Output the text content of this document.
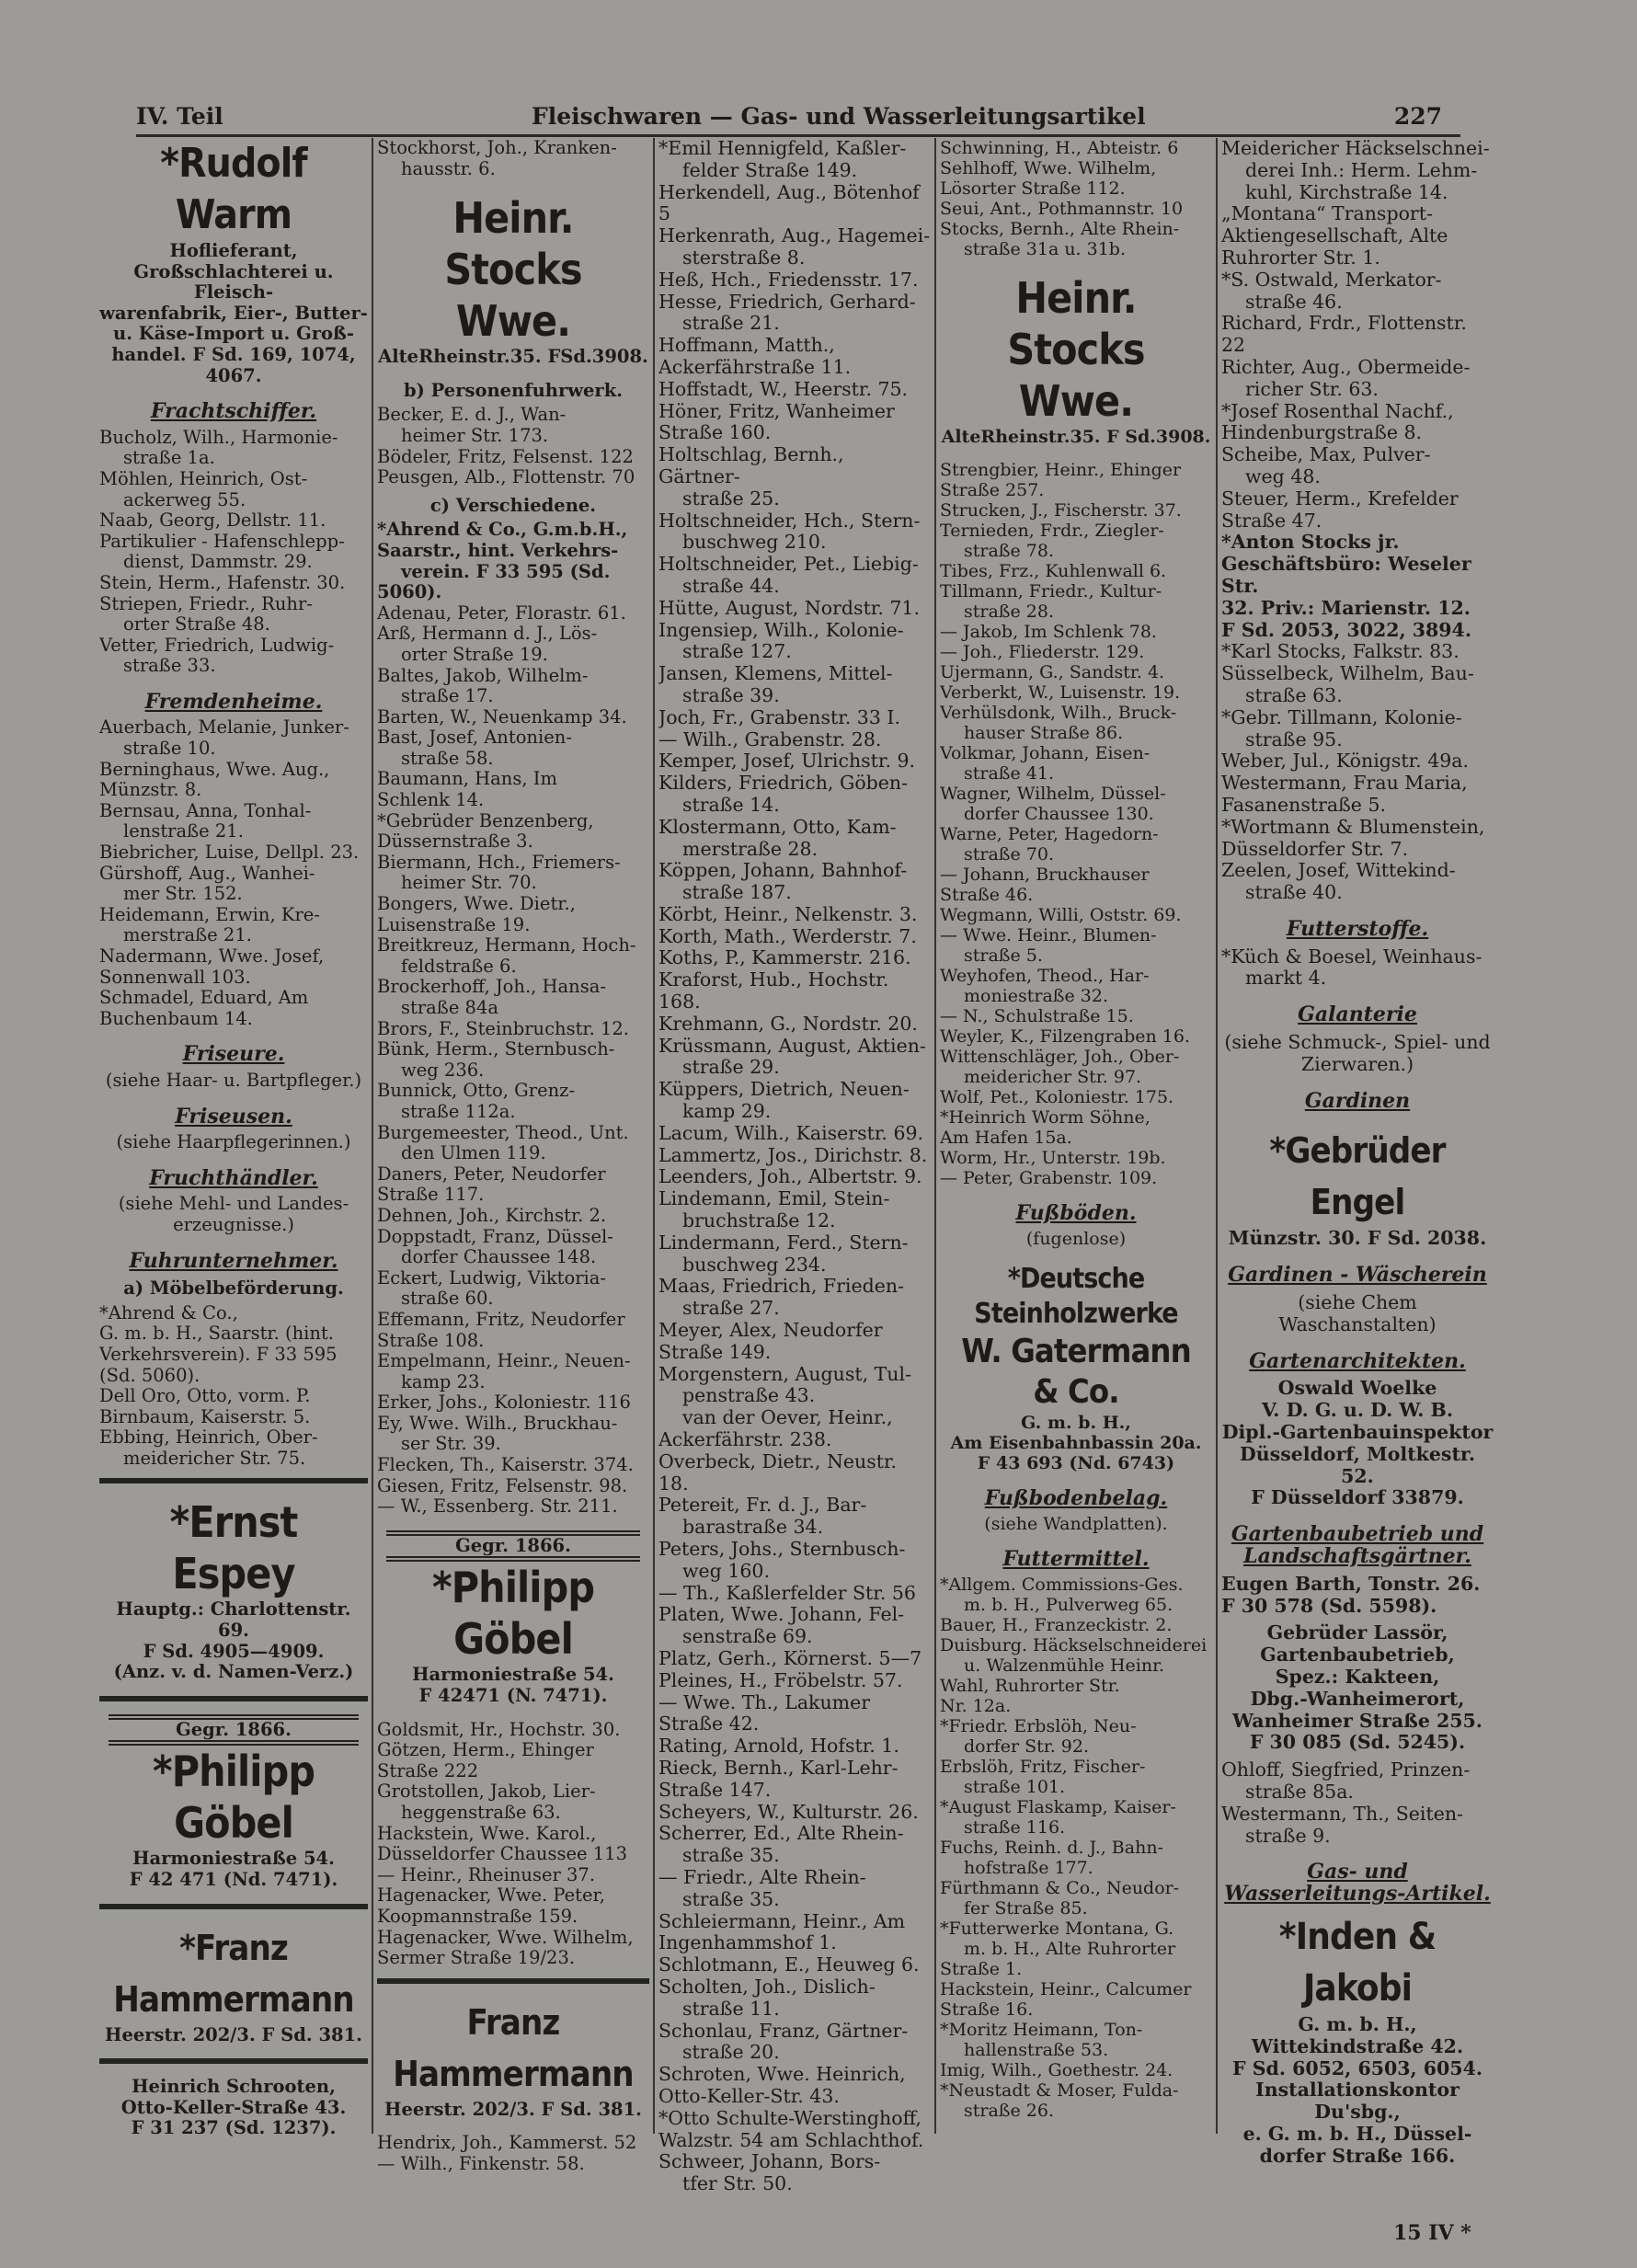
IV. Teil	Fleischwaren — Gas- und Wasserleitungsartikel	227
*Rudolf Warm
Hoflieferant,
Großschlachterei u. Fleisch-
warenfabrik, Eier-, Butter-
u. Käse-Import u. Groß-
handel. F Sd. 169, 1074,
4067.
Frachtschiffer.
Bucholz, Wilh., Harmonie-
straße 1a.
Möhlen, Heinrich, Ost-
ackerweg 55.
Naab, Georg, Dellstr. 11.
Partikulier - Hafenschlepp-
dienst, Dammstr. 29.
Stein, Herm., Hafenstr. 30.
Striepen, Friedr., Ruhr-
orter Straße 48.
Vetter, Friedrich, Ludwig-
straße 33.
Fremdenheime.
Auerbach, Melanie, Junker-
straße 10.
Berninghaus, Wwe. Aug.,
Münzstr. 8.
Bernsau, Anna, Tonhal-
lenstraße 21.
Biebricher, Luise, Dellpl. 23.
Gürshoff, Aug., Wanhei-
mer Str. 152.
Heidemann, Erwin, Kre-
merstraße 21.
Nadermann, Wwe. Josef,
Sonnenwall 103.
Schmadel, Eduard, Am
Buchenbaum 14.
Friseure.
(siehe Haar- u. Bartpfleger.)
Friseusen.
(siehe Haarpflegerinnen.)
Fruchthändler.
(siehe Mehl- und Landes-erzeugnisse.)
Fuhrunternehmer.
a) Möbelbeförderung.
*Ahrend & Co.,
G. m. b. H., Saarstr. (hint.
Verkehrsverein). F 33 595
(Sd. 5060).
Dell Oro, Otto, vorm. P.
Birnbaum, Kaiserstr. 5.
Ebbing, Heinrich, Ober-
meidericher Str. 75.
*Ernst Espey
Hauptg.: Charlottenstr. 69.
F Sd. 4905—4909.
(Anz. v. d. Namen-Verz.)
Gegr. 1866.
*Philipp Göbel
Harmoniestraße 54.
F 42 471 (Nd. 7471).
*Franz Hammermann
Heerstr. 202/3. F Sd. 381.
Heinrich Schrooten,
Otto-Keller-Straße 43.
F 31 237 (Sd. 1237).
Stockhorst, Joh., Kranken-
hausstr. 6.
Heinr. Stocks Wwe.
AlteRheinstr.35. FSd.3908.
b) Personenfuhrwerk.
Becker, E. d. J., Wan-
heimer Str. 173.
Bödeler, Fritz, Felsenst. 122
Peusgen, Alb., Flottenstr. 70
c) Verschiedene.
*Ahrend & Co., G.m.b.H.,
Saarstr., hint. Verkehrs-
verein. F 33 595 (Sd.
5060).
Adenau, Peter, Florastr. 61.
Arß, Hermann d. J., Lös-
orter Straße 19.
Baltes, Jakob, Wilhelm-
straße 17.
Barten, W., Neuenkamp 34.
Bast, Josef, Antonien-
straße 58.
Baumann, Hans, Im
Schlenk 14.
*Gebrüder Benzenberg,
Düssernstraße 3.
Biermann, Hch., Friemers-
heimer Str. 70.
Bongers, Wwe. Dietr.,
Luisenstraße 19.
Breitkreuz, Hermann, Hoch-
feldstraße 6.
Brockerhoff, Joh., Hansa-
straße 84a
Brors, F., Steinbruchstr. 12.
Bünk, Herm., Sternbusch-
weg 236.
Bunnick, Otto, Grenz-
straße 112a.
Burgemeester, Theod., Unt.
den Ulmen 119.
Daners, Peter, Neudorfer
Straße 117.
Dehnen, Joh., Kirchstr. 2.
Doppstadt, Franz, Düssel-
dorfer Chaussee 148.
Eckert, Ludwig, Viktoria-
straße 60.
Effemann, Fritz, Neudorfer
Straße 108.
Empelmann, Heinr., Neuen-
kamp 23.
Erker, Johs., Koloniestr. 116
Ey, Wwe. Wilh., Bruckhau-
ser Str. 39.
Flecken, Th., Kaiserstr. 374.
Giesen, Fritz, Felsenstr. 98.
— W., Essenberg. Str. 211.
Gegr. 1866.
*Philipp Göbel
Harmoniestraße 54.
F 42471 (N. 7471).
Goldsmit, Hr., Hochstr. 30.
Götzen, Herm., Ehinger
Straße 222
Grotstollen, Jakob, Lier-
heggenstraße 63.
Hackstein, Wwe. Karol.,
Düsseldorfer Chaussee 113
— Heinr., Rheinuser 37.
Hagenacker, Wwe. Peter,
Koopmannstraße 159.
Hagenacker, Wwe. Wilhelm,
Sermer Straße 19/23.
Franz Hammermann
Heerstr. 202/3. F Sd. 381.
Hendrix, Joh., Kammerst. 52
— Wilh., Finkenstr. 58.
*Emil Hennigfeld, Kaßler-
felder Straße 149.
Herkendell, Aug., Bötenhof 5
Herkenrath, Aug., Hagemei-
sterstraße 8.
Heß, Hch., Friedensstr. 17.
Hesse, Friedrich, Gerhard-
straße 21.
Hoffmann, Matth.,
Ackerfährstraße 11.
Hoffstadt, W., Heerstr. 75.
Höner, Fritz, Wanheimer
Straße 160.
Holtschlag, Bernh., Gärtner-
straße 25.
Holtschneider, Hch., Stern-
buschweg 210.
Holtschneider, Pet., Liebig-
straße 44.
Hütte, August, Nordstr. 71.
Ingensiep, Wilh., Kolonie-
straße 127.
Jansen, Klemens, Mittel-
straße 39.
Joch, Fr., Grabenstr. 33 I.
— Wilh., Grabenstr. 28.
Kemper, Josef, Ulrichstr. 9.
Kilders, Friedrich, Göben-
straße 14.
Klostermann, Otto, Kam-
merstraße 28.
Köppen, Johann, Bahnhof-
straße 187.
Körbt, Heinr., Nelkenstr. 3.
Korth, Math., Werderstr. 7.
Koths, P., Kammerstr. 216.
Kraforst, Hub., Hochstr. 168.
Krehmann, G., Nordstr. 20.
Krüssmann, August, Aktien-
straße 29.
Küppers, Dietrich, Neuen-
kamp 29.
Lacum, Wilh., Kaiserstr. 69.
Lammertz, Jos., Dirichstr. 8.
Leenders, Joh., Albertstr. 9.
Lindemann, Emil, Stein-
bruchstraße 12.
Lindermann, Ferd., Stern-
buschweg 234.
Maas, Friedrich, Frieden-
straße 27.
Meyer, Alex, Neudorfer
Straße 149.
Morgenstern, August, Tul-
penstraße 43.
van der Oever, Heinr.,
Ackerfährstr. 238.
Overbeck, Dietr., Neustr. 18.
Petereit, Fr. d. J., Bar-
barastraße 34.
Peters, Johs., Sternbusch-
weg 160.
— Th., Kaßlerfelder Str. 56
Platen, Wwe. Johann, Fel-
senstraße 69.
Platz, Gerh., Körnerst. 5—7
Pleines, H., Fröbelstr. 57.
— Wwe. Th., Lakumer
Straße 42.
Rating, Arnold, Hofstr. 1.
Rieck, Bernh., Karl-Lehr-
Straße 147.
Scheyers, W., Kulturstr. 26.
Scherrer, Ed., Alte Rhein-
straße 35.
— Friedr., Alte Rhein-
straße 35.
Schleiermann, Heinr., Am
Ingenhammshof 1.
Schlotmann, E., Heuweg 6.
Scholten, Joh., Dislich-
straße 11.
Schonlau, Franz, Gärtner-
straße 20.
Schroten, Wwe. Heinrich,
Otto-Keller-Str. 43.
*Otto Schulte-Werstinghoff,
Walzstr. 54 am Schlachthof.
Schweer, Johann, Bors-
tfer Str. 50.
Schwinning, H., Abteistr. 6
Sehlhoff, Wwe. Wilhelm,
Lösorter Straße 112.
Seui, Ant., Pothmannstr. 10
Stocks, Bernh., Alte Rhein-
straße 31a u. 31b.
Heinr. Stocks Wwe.
AlteRheinstr.35. F Sd.3908.
Strengbier, Heinr., Ehinger
Straße 257.
Strucken, J., Fischerstr. 37.
Ternieden, Frdr., Ziegler-
straße 78.
Tibes, Frz., Kuhlenwall 6.
Tillmann, Friedr., Kultur-
straße 28.
— Jakob, Im Schlenk 78.
— Joh., Fliederstr. 129.
Ujermann, G., Sandstr. 4.
Verberkt, W., Luisenstr. 19.
Verhülsdonk, Wilh., Bruck-
hauser Straße 86.
Volkmar, Johann, Eisen-
straße 41.
Wagner, Wilhelm, Düssel-
dorfer Chaussee 130.
Warne, Peter, Hagedorn-
straße 70.
— Johann, Bruckhauser
Straße 46.
Wegmann, Willi, Oststr. 69.
— Wwe. Heinr., Blumen-
straße 5.
Weyhofen, Theod., Har-
moniestraße 32.
— N., Schulstraße 15.
Weyler, K., Filzengraben 16.
Wittenschläger, Joh., Ober-
meidericher Str. 97.
Wolf, Pet., Koloniestr. 175.
*Heinrich Worm Söhne,
Am Hafen 15a.
Worm, Hr., Unterstr. 19b.
— Peter, Grabenstr. 109.
Fußböden.
(fugenlose)
*Deutsche Steinholzwerke
W. Gatermann & Co.
G. m. b. H.,
Am Eisenbahnbassin 20a.
F 43 693 (Nd. 6743)
Fußbodenbelag.
(siehe Wandplatten).
Futtermittel.
*Allgem. Commissions-Ges.
m. b. H., Pulverweg 65.
Bauer, H., Franzeckistr. 2.
Duisburg. Häckselschneiderei
u. Walzenmühle Heinr.
Wahl, Ruhrorter Str.
Nr. 12a.
*Friedr. Erbslöh, Neu-
dorfer Str. 92.
Erbslöh, Fritz, Fischer-
straße 101.
*August Flaskamp, Kaiser-
straße 116.
Fuchs, Reinh. d. J., Bahn-
hofstraße 177.
Fürthmann & Co., Neudor-
fer Straße 85.
*Futterwerke Montana, G.
m. b. H., Alte Ruhrorter
Straße 1.
Hackstein, Heinr., Calcumer
Straße 16.
*Moritz Heimann, Ton-
hallenstraße 53.
Imig, Wilh., Goethestr. 24.
*Neustadt & Moser, Fulda-
straße 26.
Meidericher Häckselschnei-
derei Inh.: Herm. Lehm-
kuhl, Kirchstraße 14.
„Montana“ Transport-
Aktiengesellschaft, Alte
Ruhrorter Str. 1.
*S. Ostwald, Merkator-
straße 46.
Richard, Frdr., Flottenstr. 22
Richter, Aug., Obermeide-
richer Str. 63.
*Josef Rosenthal Nachf.,
Hindenburgstraße 8.
Scheibe, Max, Pulver-
weg 48.
Steuer, Herm., Krefelder
Straße 47.
*Anton Stocks jr.
Geschäftsbüro: Weseler Str.
32. Priv.: Marienstr. 12.
F Sd. 2053, 3022, 3894.
*Karl Stocks, Falkstr. 83.
Süsselbeck, Wilhelm, Bau-
straße 63.
*Gebr. Tillmann, Kolonie-
straße 95.
Weber, Jul., Königstr. 49a.
Westermann, Frau Maria,
Fasanenstraße 5.
*Wortmann & Blumenstein,
Düsseldorfer Str. 7.
Zeelen, Josef, Wittekind-
straße 40.
Futterstoffe.
*Küch & Boesel, Weinhaus-
markt 4.
Galanterie
(siehe Schmuck-, Spiel- und Zierwaren.)
Gardinen
*Gebrüder Engel
Münzstr. 30. F Sd. 2038.
Gardinen - Wäscherein
(siehe Chem Waschanstalten)
Gartenarchitekten.
Oswald Woelke
V. D. G. u. D. W. B.
Dipl.-Gartenbauinspektor
Düsseldorf, Moltkestr. 52.
F Düsseldorf 33879.
Gartenbaubetrieb und Landschaftsgärtner.
Eugen Barth, Tonstr. 26.
F 30 578 (Sd. 5598).
Gebrüder Lassör,
Gartenbaubetrieb,
Spez.: Kakteen,
Dbg.-Wanheimerort,
Wanheimer Straße 255.
F 30 085 (Sd. 5245).
Ohloff, Siegfried, Prinzen-
straße 85a.
Westermann, Th., Seiten-
straße 9.
Gas- und Wasserleitungs-Artikel.
*Inden & Jakobi
G. m. b. H.,
Wittekindstraße 42.
F Sd. 6052, 6503, 6054.
Installationskontor Du'sbg.,
e. G. m. b. H., Düssel-
dorfer Straße 166.
15 IV *
